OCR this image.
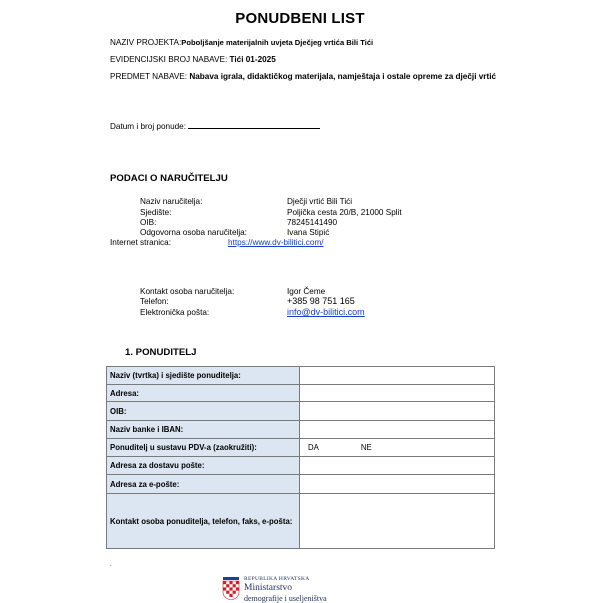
PONUDBENI LIST
NAZIV PROJEKTA:Poboljšanje materijalnih uvjeta Dječjeg vrtića Bili Tići
EVIDENCIJSKI BROJ NABAVE: Tići 01-2025
PREDMET NABAVE: Nabava igrala, didaktičkog materijala, namještaja i ostale opreme za dječji vrtić
Datum i broj ponude:
PODACI O NARUČITELJU
Naziv naručitelja:	Dječji vrtić Bili Tići
Sjedište:	Poljička cesta 20/B, 21000 Split
OIB:	78245141490
Odgovorna osoba naručitelja:	Ivana Stipić
Internet stranica:	https://www.dv-bilitici.com/
Kontakt osoba naručitelja:	Igor Čeme
Telefon:	+385 98 751 165
Elektronička pošta:	info@dv-bilitici.com
1. PONUDITELJ
Naziv (tvrtka) i sjedište ponuditelja:	
Adresa:	
OIB:	
Naziv banke i IBAN:	
Ponuditelj u sustavu PDV-a (zaokružiti):	DA NE
Adresa za dostavu pošte:	
Adresa za e-pošte:	
Kontakt osoba ponuditelja, telefon, faks, e-pošta:	
.
REPUBLIKA HRVATSKA
Ministarstvo
demografije i useljeništva
